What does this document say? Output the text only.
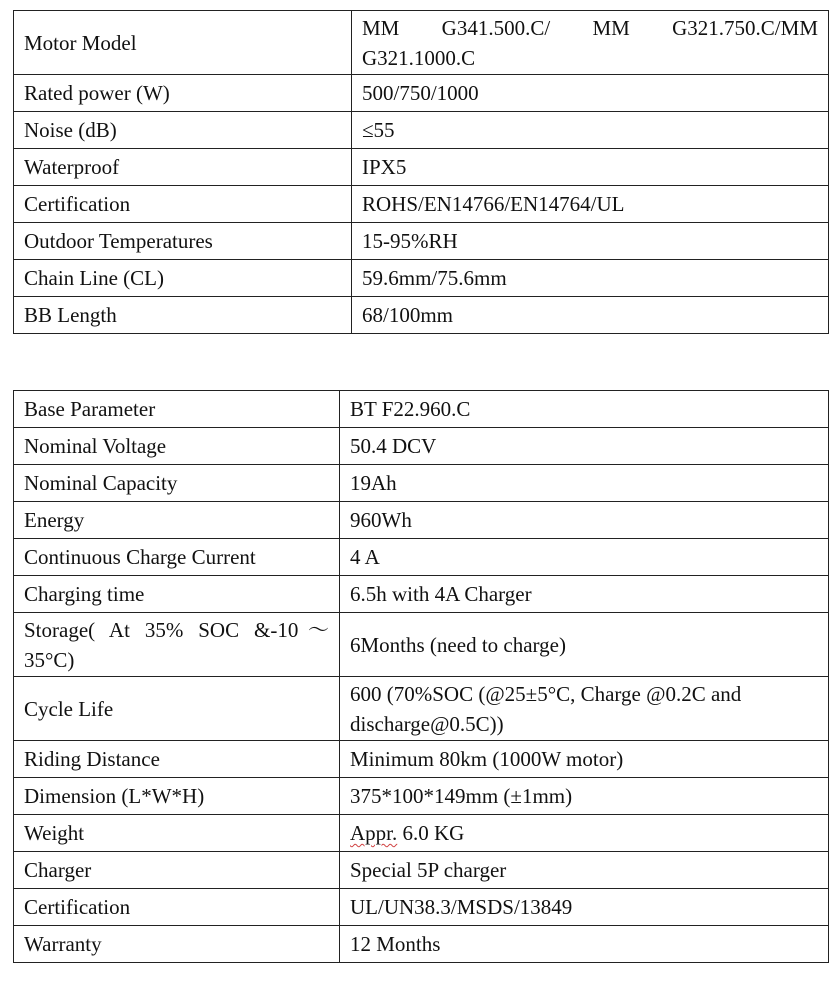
Motor Model	MM G341.500.C/ MM G321.750.C/MM G321.1000.C
Rated power (W)	500/750/1000
Noise (dB)	≤55
Waterproof	IPX5
Certification	ROHS/EN14766/EN14764/UL
Outdoor Temperatures	15-95%RH
Chain Line (CL)	59.6mm/75.6mm
BB Length	68/100mm
Base Parameter	BT F22.960.C
Nominal Voltage	50.4 DCV
Nominal Capacity	19Ah
Energy	960Wh
Continuous Charge Current	4 A
Charging time	6.5h with 4A Charger
Storage( At 35% SOC &-10～35°C)	6Months (need to charge)
Cycle Life	600 (70%SOC (@25±5°C, Charge @0.2C and discharge@0.5C))
Riding Distance	Minimum 80km (1000W motor)
Dimension (L*W*H)	375*100*149mm (±1mm)
Weight	Appr. 6.0 KG
Charger	Special 5P charger
Certification	UL/UN38.3/MSDS/13849
Warranty	12 Months
